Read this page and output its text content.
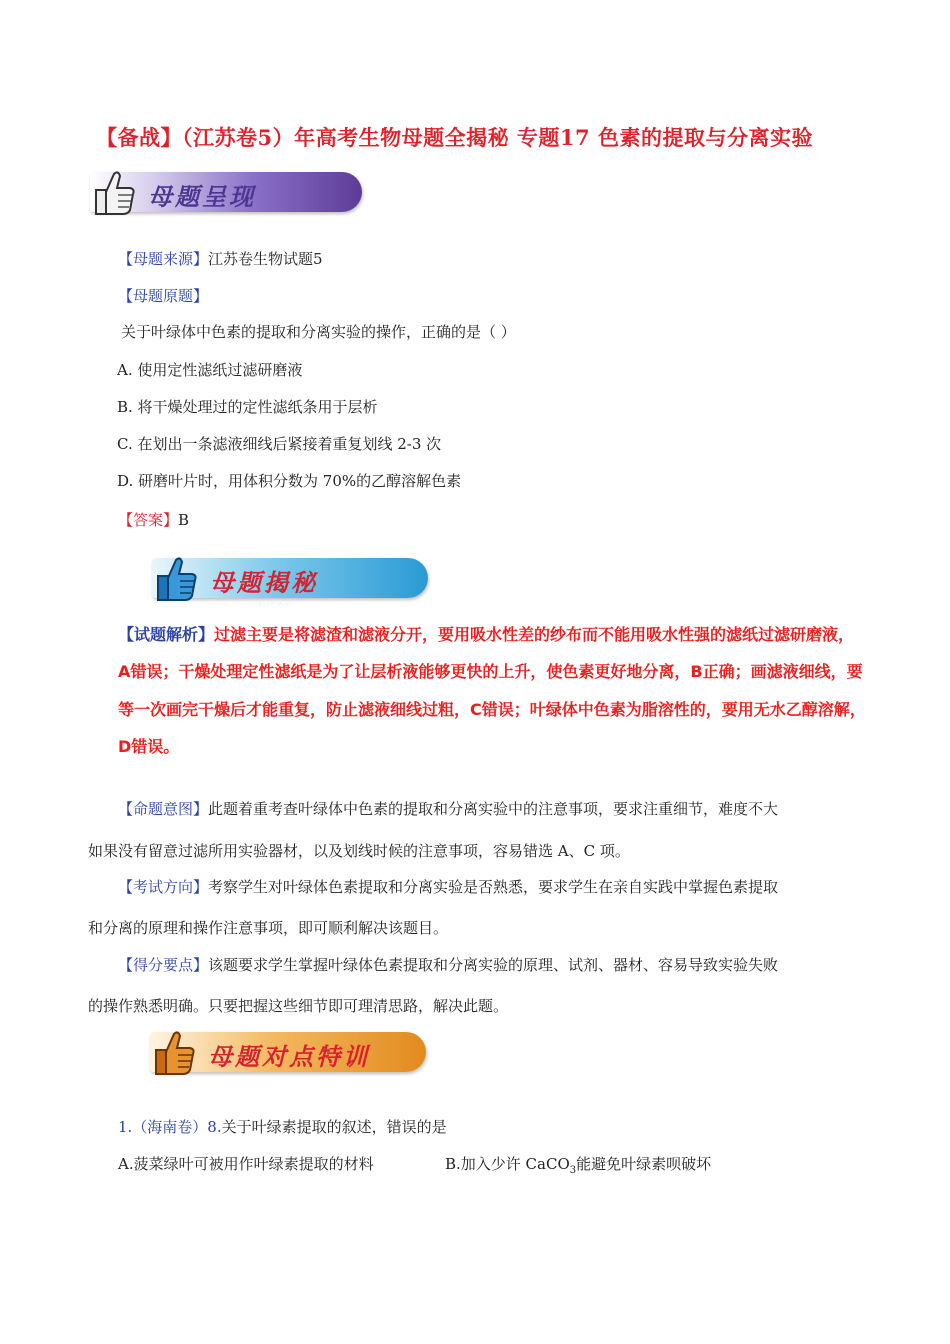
【备战】（江苏卷5）年高考生物母题全揭秘 专题17 色素的提取与分离实验
母题呈现
【母题来源】江苏卷生物试题5
【母题原题】
关于叶绿体中色素的提取和分离实验的操作，正确的是（ ）
A. 使用定性滤纸过滤研磨液
B. 将干燥处理过的定性滤纸条用于层析
C. 在划出一条滤液细线后紧接着重复划线 2-3 次
D. 研磨叶片时，用体积分数为 70%的乙醇溶解色素
【答案】B
母题揭秘
【试题解析】过滤主要是将滤渣和滤液分开，要用吸水性差的纱布而不能用吸水性强的滤纸过滤研磨液，
A错误；干燥处理定性滤纸是为了让层析液能够更快的上升，使色素更好地分离，B正确；画滤液细线，要
等一次画完干燥后才能重复，防止滤液细线过粗，C错误；叶绿体中色素为脂溶性的，要用无水乙醇溶解，
D错误。
【命题意图】此题着重考查叶绿体中色素的提取和分离实验中的注意事项，要求注重细节，难度不大
如果没有留意过滤所用实验器材，以及划线时候的注意事项，容易错选 A、C 项。
【考试方向】考察学生对叶绿体色素提取和分离实验是否熟悉，要求学生在亲自实践中掌握色素提取
和分离的原理和操作注意事项，即可顺利解决该题目。
【得分要点】该题要求学生掌握叶绿体色素提取和分离实验的原理、试剂、器材、容易导致实验失败
的操作熟悉明确。只要把握这些细节即可理清思路，解决此题。
母题对点特训
1.（海南卷）8.关于叶绿素提取的叙述，错误的是
A.菠菜绿叶可被用作叶绿素提取的材料	B.加入少许 CaCO$_3$能避免叶绿素呗破坏
